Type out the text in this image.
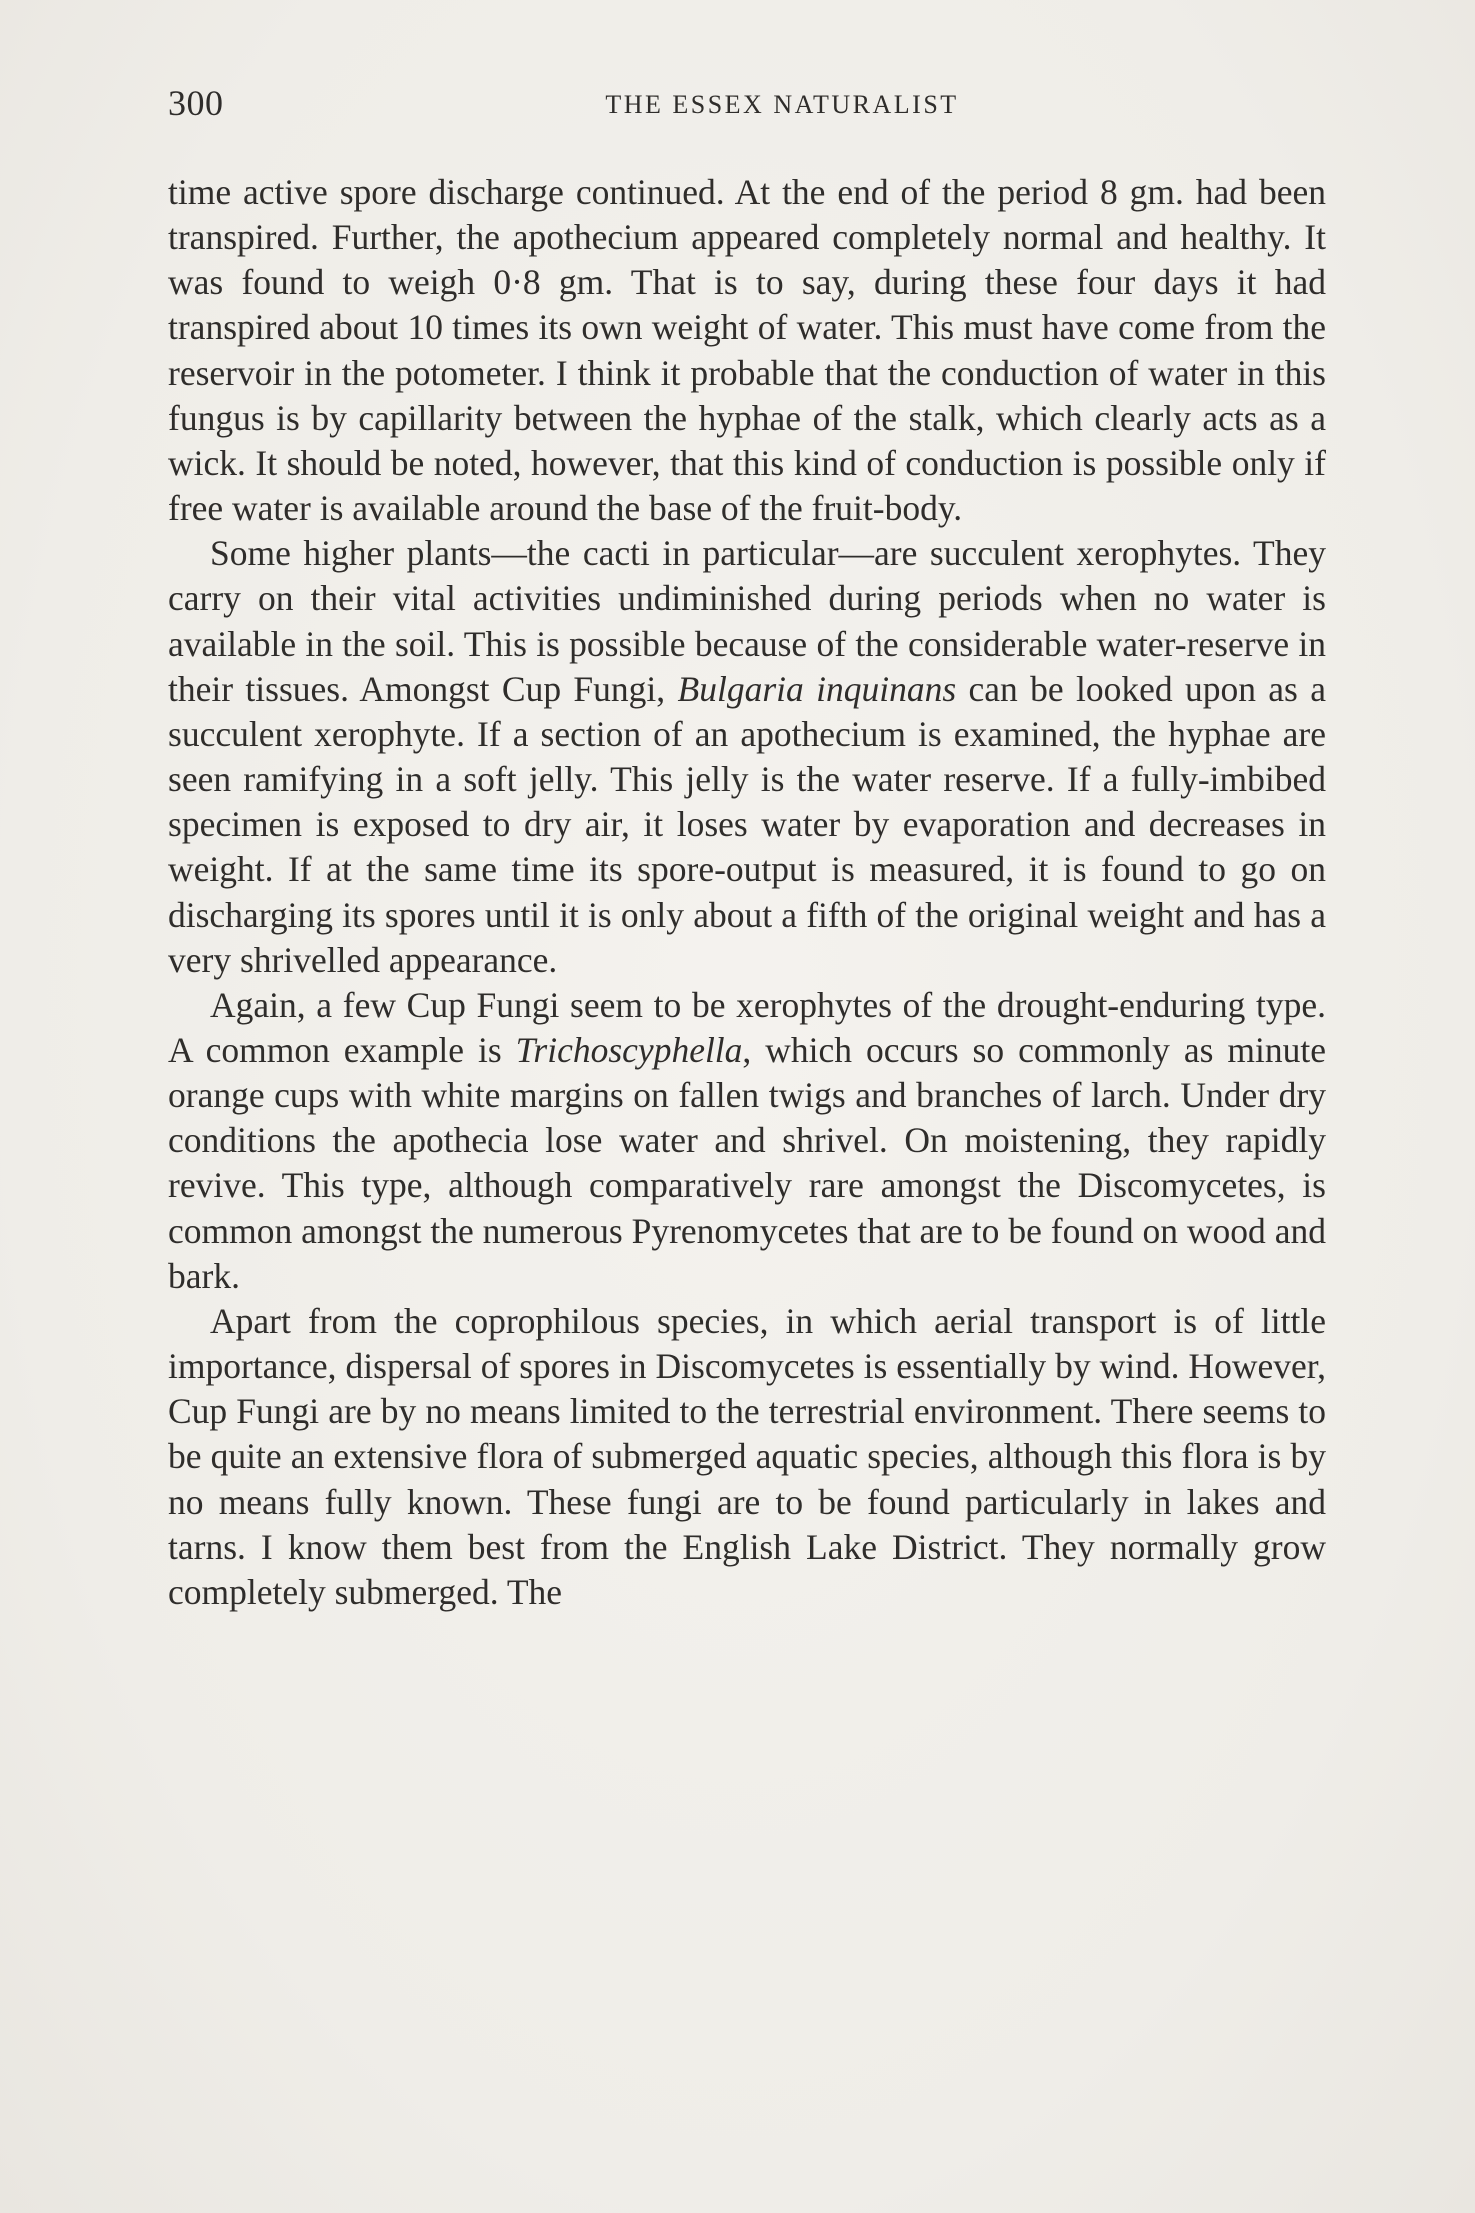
300	THE ESSEX NATURALIST

time active spore discharge continued. At the end of the period 8 gm. had been transpired. Further, the apothecium appeared completely normal and healthy. It was found to weigh 0·8 gm. That is to say, during these four days it had transpired about 10 times its own weight of water. This must have come from the reservoir in the potometer. I think it probable that the conduction of water in this fungus is by capillarity between the hyphae of the stalk, which clearly acts as a wick. It should be noted, however, that this kind of conduction is possible only if free water is available around the base of the fruit-body.

Some higher plants—the cacti in particular—are succulent xerophytes. They carry on their vital activities undiminished during periods when no water is available in the soil. This is possible because of the considerable water-reserve in their tissues. Amongst Cup Fungi, Bulgaria inquinans can be looked upon as a succulent xerophyte. If a section of an apothecium is examined, the hyphae are seen ramifying in a soft jelly. This jelly is the water reserve. If a fully-imbibed specimen is exposed to dry air, it loses water by evaporation and decreases in weight. If at the same time its spore-output is measured, it is found to go on discharging its spores until it is only about a fifth of the original weight and has a very shrivelled appearance.

Again, a few Cup Fungi seem to be xerophytes of the drought-enduring type. A common example is Trichoscyphella, which occurs so commonly as minute orange cups with white margins on fallen twigs and branches of larch. Under dry conditions the apothecia lose water and shrivel. On moistening, they rapidly revive. This type, although comparatively rare amongst the Discomycetes, is common amongst the numerous Pyrenomycetes that are to be found on wood and bark.

Apart from the coprophilous species, in which aerial transport is of little importance, dispersal of spores in Discomycetes is essentially by wind. However, Cup Fungi are by no means limited to the terrestrial environment. There seems to be quite an extensive flora of submerged aquatic species, although this flora is by no means fully known. These fungi are to be found particularly in lakes and tarns. I know them best from the English Lake District. They normally grow completely submerged. The
